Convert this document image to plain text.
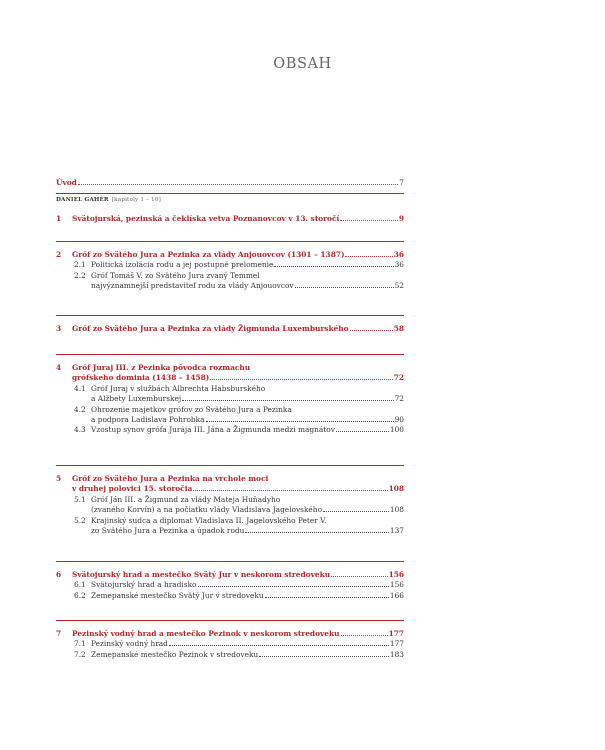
OBSAH
Úvod	7
DANIEL GAHÉR [kapitoly 1 – 10]
1 Svätojurská, pezinská a čeklíska vetva Poznanovcov v 13. storočí	9
2 Gróf zo Svätého Jura a Pezinka za vlády Anjouovcov (1301 – 1387)	36
2.1 Politická izolácia rodu a jej postupné prelomenie	36
2.2 Gróf Tomáš V. zo Svätého Jura zvaný Temmel
najvýznamnejší predstaviteľ rodu za vlády Anjouovcov	52
3 Gróf zo Svätého Jura a Pezinka za vlády Žigmunda Luxemburského	58
4 Gróf Juraj III. z Pezinka pôvodca rozmachu
grófskeho dominia (1438 – 1458)	72
4.1 Gróf Juraj v službách Albrechta Habsburského
a Alžbety Luxemburskej	72
4.2 Ohrozenie majetkov grófov zo Svätého Jura a Pezinka
a podpora Ladislava Pohrobka	90
4.3 Vzostup synov grófa Jurája III. Jána a Žigmunda medzi magnátov	100
5 Gróf zo Svätého Jura a Pezinka na vrchole moci
v druhej polovici 15. storočia	108
5.1 Gróf Ján III. a Žigmund za vlády Mateja Huňadyho
(zvaného Korvín) a na počiatku vlády Vladislava Jagelovského	108
5.2 Krajinský sudca a diplomat Vladislava II. Jagelovského Peter V.
zo Svätého Jura a Pezinka a úpadok rodu	137
6 Svätojurský hrad a mestečko Svätý Jur v neskorom stredoveku	156
6.1 Svätojurský hrad a hradisko	156
6.2 Zemepanské mestečko Svätý Jur v stredoveku	166
7 Pezinský vodný hrad a mestečko Pezinok v neskorom stredoveku	177
7.1 Pezinský vodný hrad	177
7.2 Zemepanské mestečko Pezinok v stredoveku	183
